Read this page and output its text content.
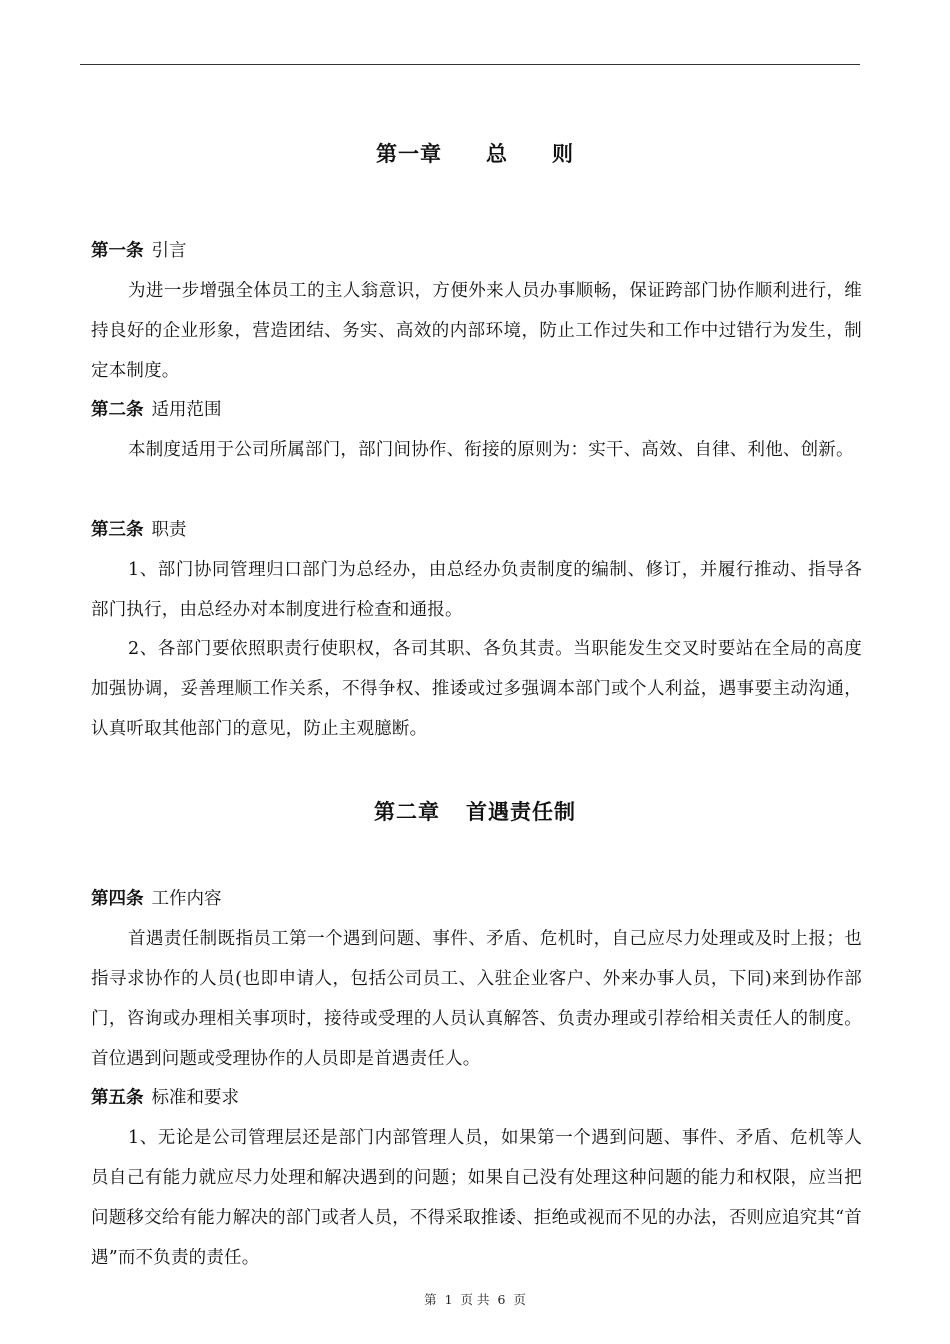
第一章 总 则
第一条 引言

为进一步增强全体员工的主人翁意识，方便外来人员办事顺畅，保证跨部门协作顺利进行，维持良好的企业形象，营造团结、务实、高效的内部环境，防止工作过失和工作中过错行为发生，制定本制度。

第二条 适用范围

本制度适用于公司所属部门，部门间协作、衔接的原则为：实干、高效、自律、利他、创新。

第三条 职责

1、部门协同管理归口部门为总经办，由总经办负责制度的编制、修订，并履行推动、指导各部门执行，由总经办对本制度进行检查和通报。

2、各部门要依照职责行使职权，各司其职、各负其责。当职能发生交叉时要站在全局的高度加强协调，妥善理顺工作关系，不得争权、推诿或过多强调本部门或个人利益，遇事要主动沟通，认真听取其他部门的意见，防止主观臆断。

第二章 首遇责任制
第四条 工作内容

首遇责任制既指员工第一个遇到问题、事件、矛盾、危机时，自己应尽力处理或及时上报；也指寻求协作的人员(也即申请人，包括公司员工、入驻企业客户、外来办事人员，下同)来到协作部门，咨询或办理相关事项时，接待或受理的人员认真解答、负责办理或引荐给相关责任人的制度。首位遇到问题或受理协作的人员即是首遇责任人。

第五条 标准和要求

1、无论是公司管理层还是部门内部管理人员，如果第一个遇到问题、事件、矛盾、危机等人员自己有能力就应尽力处理和解决遇到的问题；如果自己没有处理这种问题的能力和权限，应当把问题移交给有能力解决的部门或者人员，不得采取推诿、拒绝或视而不见的办法，否则应追究其“首遇”而不负责的责任。

第 1 页 共 6 页
